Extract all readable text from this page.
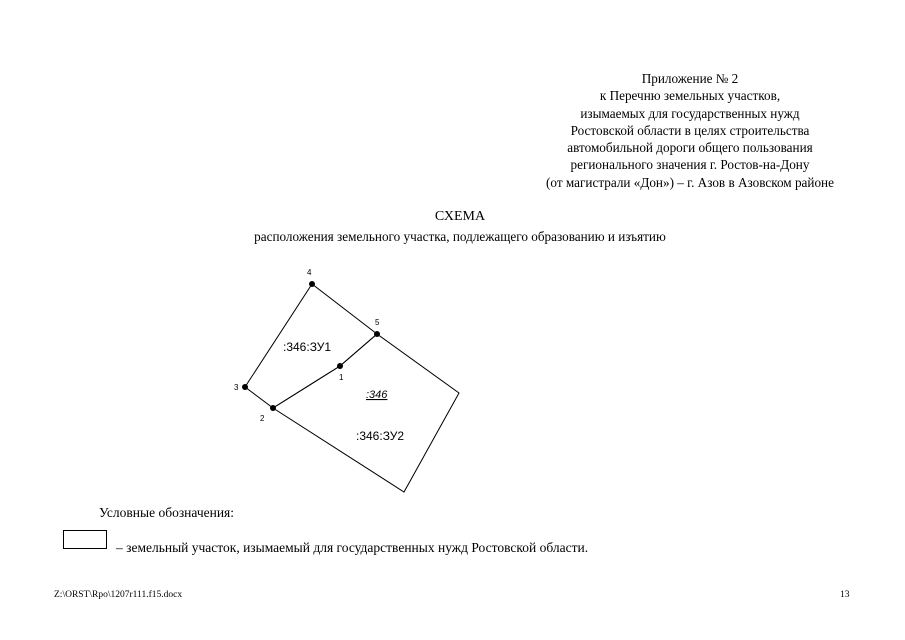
Приложение № 2
к Перечню земельных участков,
изымаемых для государственных нужд
Ростовской области в целях строительства
автомобильной дороги общего пользования
регионального значения г. Ростов-на-Дону
(от магистрали «Дон») – г. Азов в Азовском районе
СХЕМА
расположения земельного участка, подлежащего образованию и изъятию
1
2
3
4
5
:346:ЗУ1
:346
:346:ЗУ2
Условные обозначения:
– земельный участок, изымаемый для государственных нужд Ростовской области.
Z:\ORST\Rpo\1207r111.f15.docx	13
